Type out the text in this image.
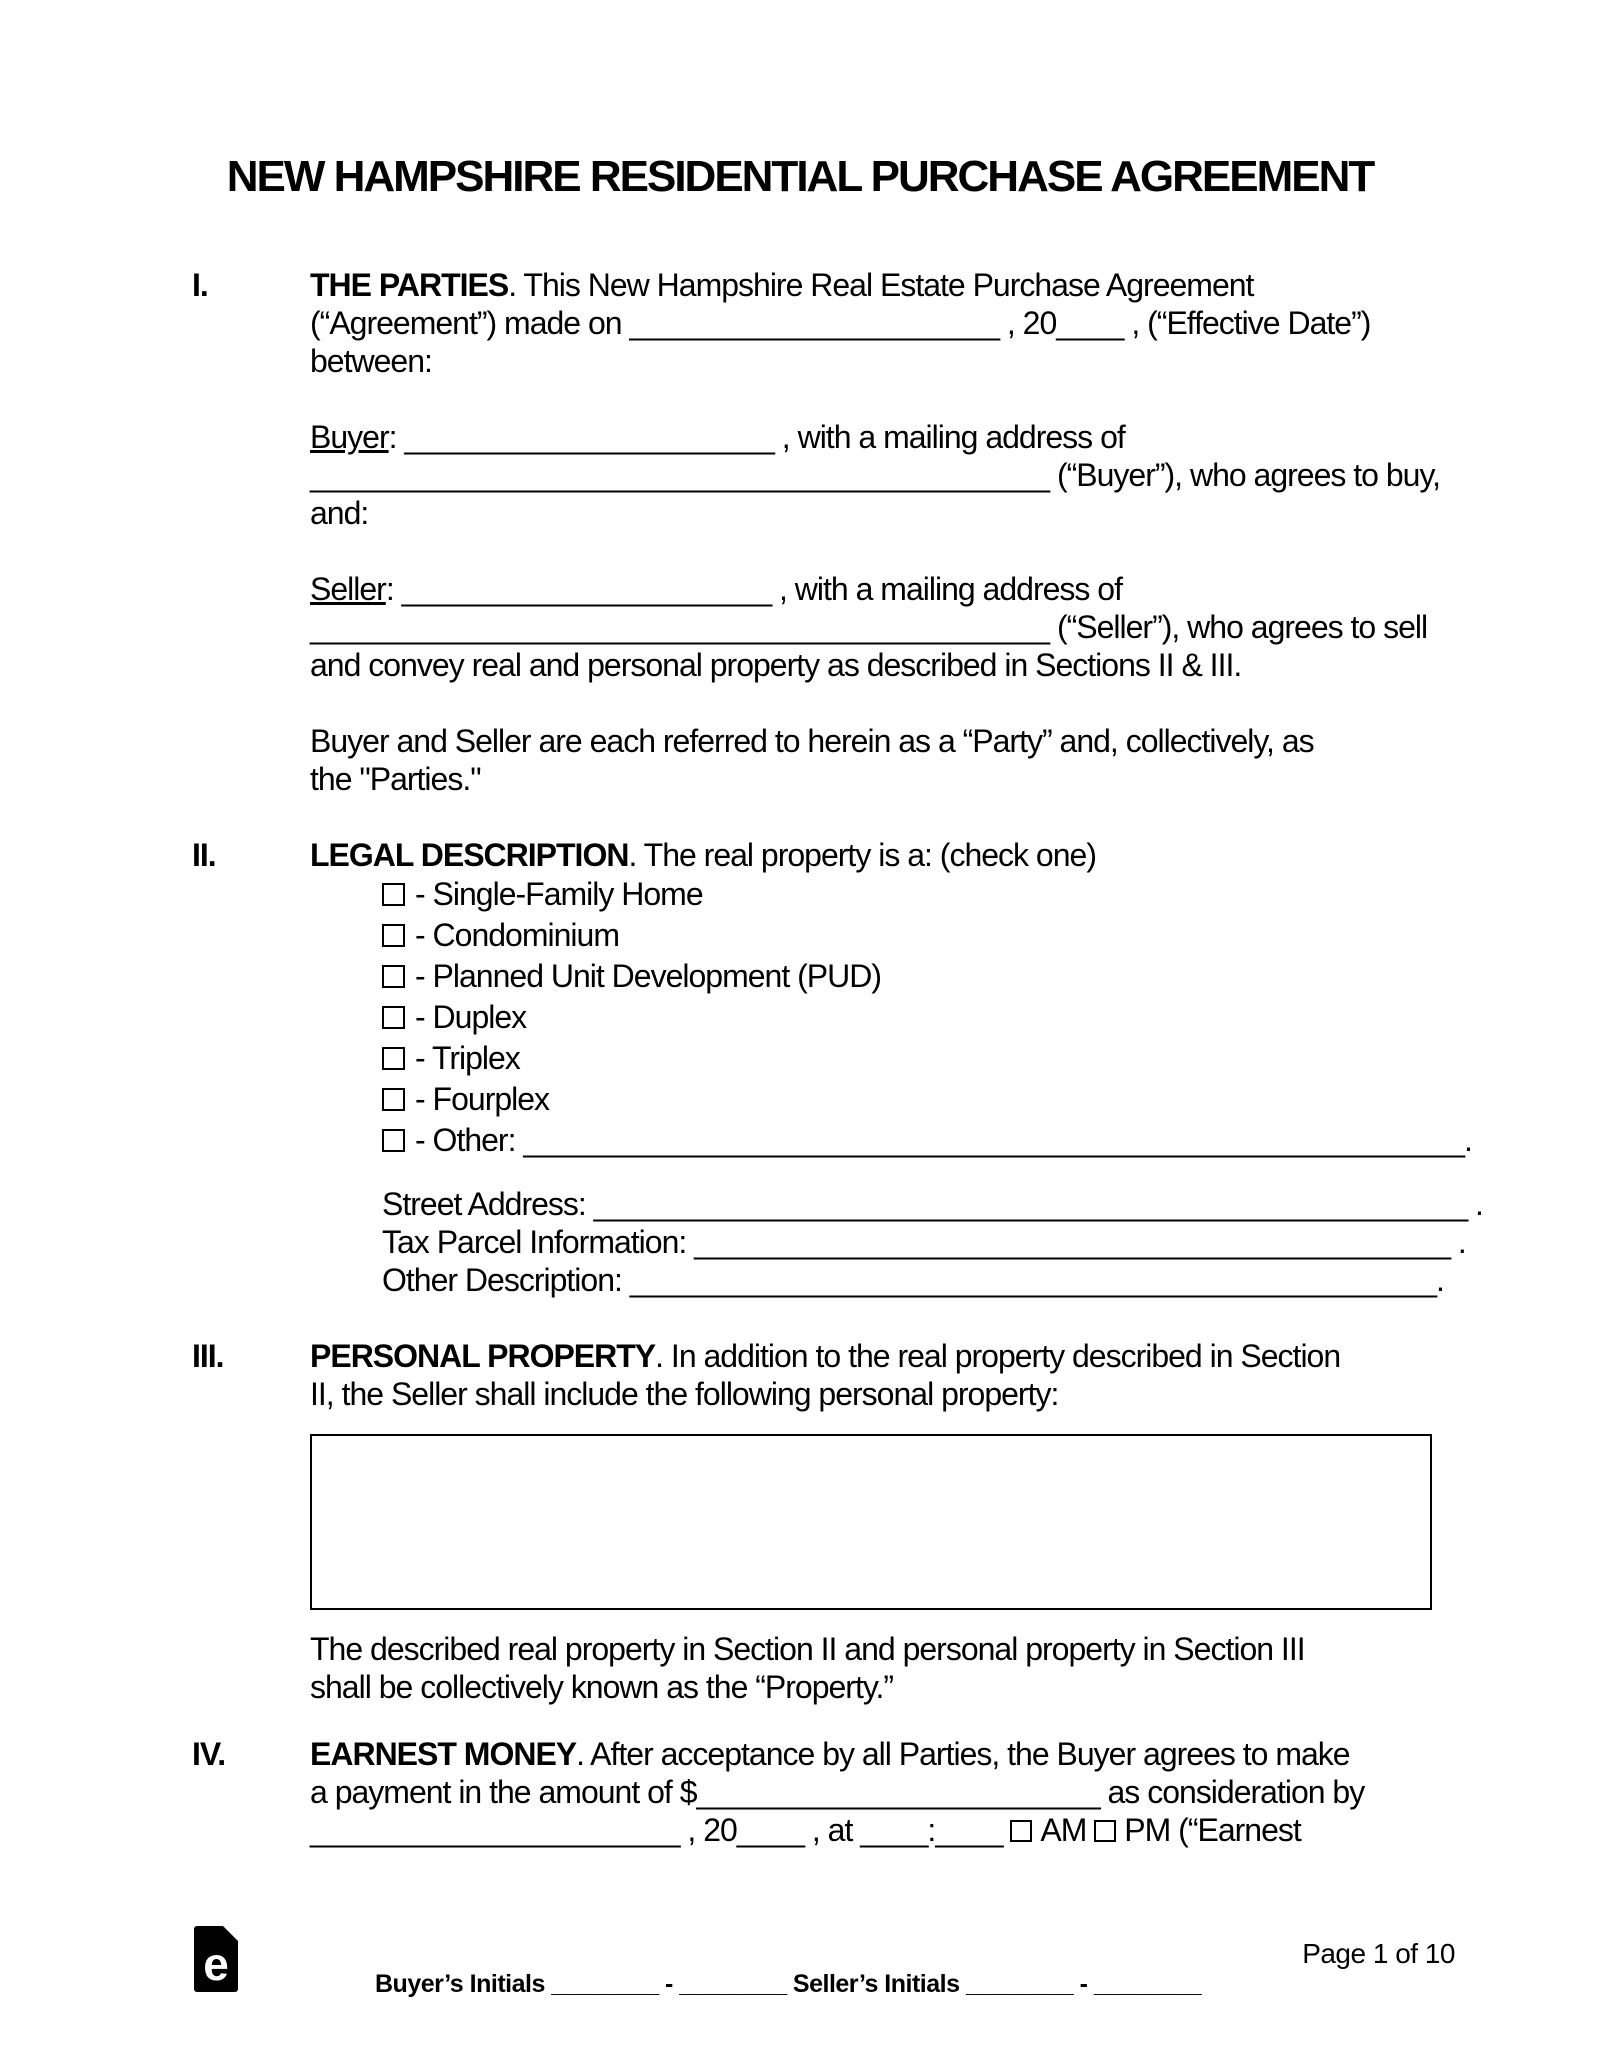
NEW HAMPSHIRE RESIDENTIAL PURCHASE AGREEMENT
I.	THE PARTIES. This New Hampshire Real Estate Purchase Agreement
(“Agreement”) made on ______________________ , 20____ , (“Effective Date”)
between:
Buyer: ______________________ , with a mailing address of
____________________________________________ (“Buyer”), who agrees to buy,
and:
Seller: ______________________ , with a mailing address of
____________________________________________ (“Seller”), who agrees to sell
and convey real and personal property as described in Sections II & III.
Buyer and Seller are each referred to herein as a “Party” and, collectively, as
the "Parties."
II.	LEGAL DESCRIPTION. The real property is a: (check one)
- Single-Family Home
- Condominium
- Planned Unit Development (PUD)
- Duplex
- Triplex
- Fourplex
- Other: ________________________________________________________.
Street Address: ____________________________________________________ .
Tax Parcel Information: _____________________________________________ .
Other Description: ________________________________________________.
III.	PERSONAL PROPERTY. In addition to the real property described in Section
II, the Seller shall include the following personal property:
The described real property in Section II and personal property in Section III
shall be collectively known as the “Property.”
IV.	EARNEST MONEY. After acceptance by all Parties, the Buyer agrees to make
a payment in the amount of $________________________ as consideration by
______________________ , 20____ , at ____:____ AM PM (“Earnest
e	Buyer’s Initials ________ - ________ Seller’s Initials ________ - ________
Page 1 of 10
